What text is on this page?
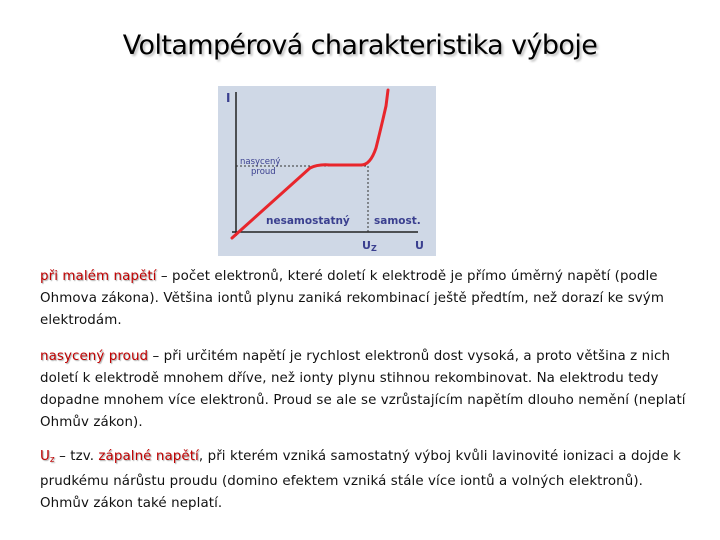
Voltampérová charakteristika výboje
I
nasycený
proud
nesamostatný samost.
UZ	U
při malém napětí – počet elektronů, které doletí k elektrodě je přímo úměrný napětí (podle Ohmova zákona). Většina iontů plynu zaniká rekombinací ještě předtím, než dorazí ke svým elektrodám.
nasycený proud – při určitém napětí je rychlost elektronů dost vysoká, a proto většina z nich doletí k elektrodě mnohem dříve, než ionty plynu stihnou rekombinovat. Na elektrodu tedy dopadne mnohem více elektronů. Proud se ale se vzrůstajícím napětím dlouho nemění (neplatí Ohmův zákon).
$U_z$ – tzv. zápalné napětí, při kterém vzniká samostatný výboj kvůli lavinovité ionizaci a dojde k prudkému nárůstu proudu (domino efektem vzniká stále více iontů a volných elektronů). Ohmův zákon také neplatí.
